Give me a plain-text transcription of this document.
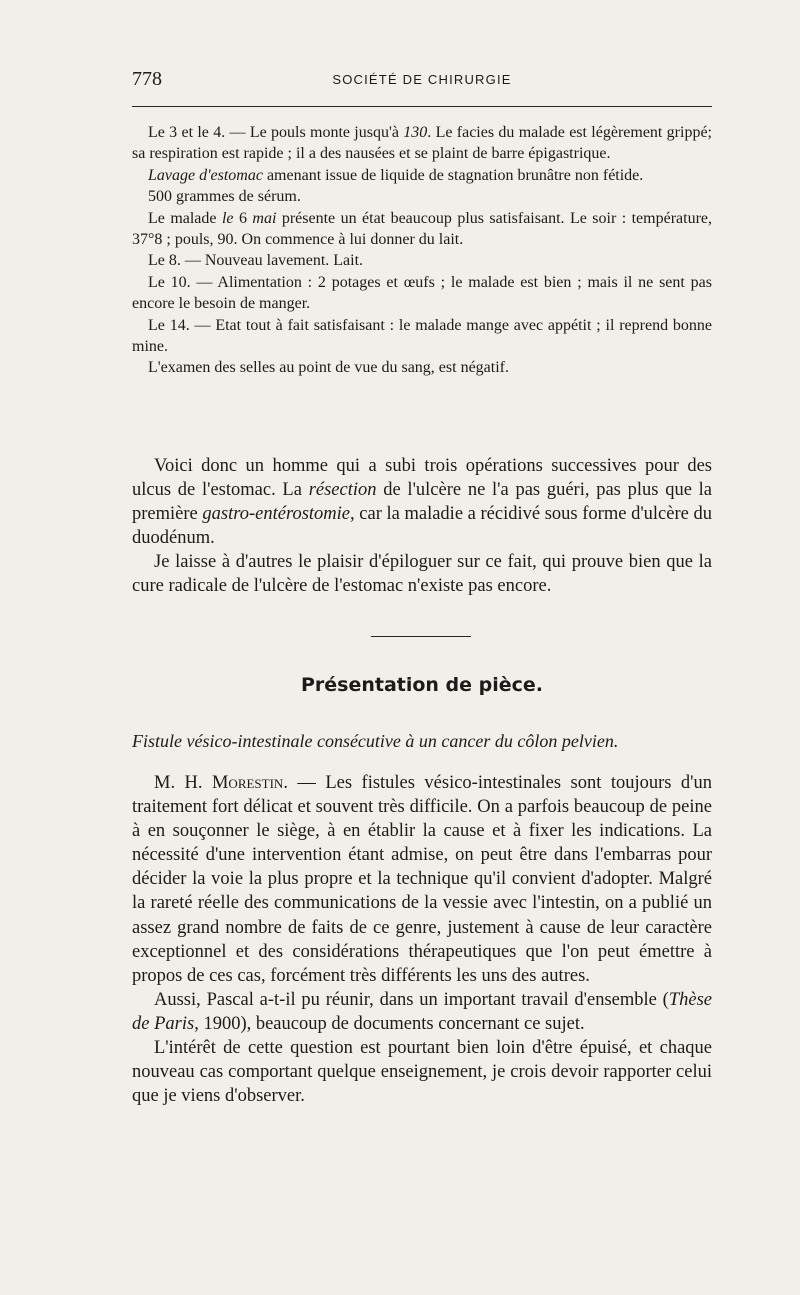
778	SOCIÉTÉ DE CHIRURGIE

Le 3 et le 4. — Le pouls monte jusqu'à 130. Le facies du malade est légèrement grippé; sa respiration est rapide ; il a des nausées et se plaint de barre épigastrique.

Lavage d'estomac amenant issue de liquide de stagnation brunâtre non fétide.

500 grammes de sérum.

Le malade le 6 mai présente un état beaucoup plus satisfaisant. Le soir : température, 37°8 ; pouls, 90. On commence à lui donner du lait.

Le 8. — Nouveau lavement. Lait.

Le 10. — Alimentation : 2 potages et œufs ; le malade est bien ; mais il ne sent pas encore le besoin de manger.

Le 14. — Etat tout à fait satisfaisant : le malade mange avec appétit ; il reprend bonne mine.

L'examen des selles au point de vue du sang, est négatif.

Voici donc un homme qui a subi trois opérations successives pour des ulcus de l'estomac. La résection de l'ulcère ne l'a pas guéri, pas plus que la première gastro-entérostomie, car la maladie a récidivé sous forme d'ulcère du duodénum.

Je laisse à d'autres le plaisir d'épiloguer sur ce fait, qui prouve bien que la cure radicale de l'ulcère de l'estomac n'existe pas encore.

Présentation de pièce.
Fistule vésico-intestinale consécutive à un cancer du côlon pelvien.

M. H. Morestin. — Les fistules vésico-intestinales sont toujours d'un traitement fort délicat et souvent très difficile. On a parfois beaucoup de peine à en souçonner le siège, à en établir la cause et à fixer les indications. La nécessité d'une intervention étant admise, on peut être dans l'embarras pour décider la voie la plus propre et la technique qu'il convient d'adopter. Malgré la rareté réelle des communications de la vessie avec l'intestin, on a publié un assez grand nombre de faits de ce genre, justement à cause de leur caractère exceptionnel et des considérations thérapeutiques que l'on peut émettre à propos de ces cas, forcément très différents les uns des autres.

Aussi, Pascal a-t-il pu réunir, dans un important travail d'ensemble (Thèse de Paris, 1900), beaucoup de documents concernant ce sujet.

L'intérêt de cette question est pourtant bien loin d'être épuisé, et chaque nouveau cas comportant quelque enseignement, je crois devoir rapporter celui que je viens d'observer.
